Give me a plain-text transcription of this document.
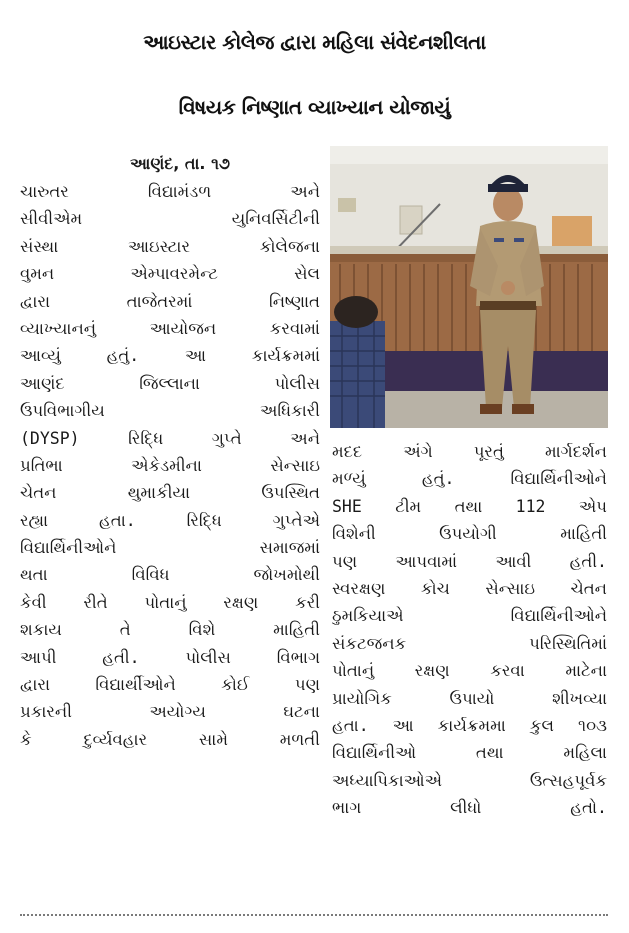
આઇસ્ટાર કોલેજ દ્વારા મહિલા સંવેદનશીલતા
વિષયક નિષ્ણાત વ્યાખ્યાન યોજાયું
આણંદ, તા. ૧૭
ચારુતર	વિદ્યામંડળ	અને
સીવીએમ	યુનિવર્સિટીની
સંસ્થા	આઇસ્ટાર	કોલેજના
વુમન	એમ્પાવરમેન્ટ	સેલ
દ્વારા	તાજેતરમાં	નિષ્ણાત
વ્યાખ્યાનનું	આયોજન	કરવામાં
આવ્યું	હતું.	આ	કાર્યક્રમમાં
આણંદ	જિલ્લાના	પોલીસ
ઉપવિભાગીય	અધિકારી
(DYSP)	રિદ્ધિ	ગુપ્તે	અને
પ્રતિભા	એકેડમીના	સેન્સાઇ
ચેતન	થુમાકીયા	ઉપસ્થિત
રહ્યા	હતા.	રિદ્ધિ	ગુપ્તેએ
વિદ્યાર્થિનીઓને	સમાજમાં
થતા	વિવિધ	જોખમોથી
કેવી રીતે પોતાનું રક્ષણ કરી
શકાય	તે	વિશે	માહિતી
આપી	હતી.	પોલીસ	વિભાગ
દ્વારા	વિદ્યાર્થીઓને	કોઈ	પણ
પ્રકારની	અયોગ્ય	ઘટના
કે	દુર્વ્યવહાર	સામે	મળતી
મદદ અંગે પૂરતું માર્ગદર્શન
મળ્યું	હતું.	વિદ્યાર્થિનીઓને
SHE ટીમ તથા 112 એપ
વિશેની	ઉપયોગી	માહિતી
પણ આપવામાં આવી હતી.
સ્વરક્ષણ કોચ સેન્સાઇ ચેતન
ઠુમકિયાએ	વિદ્યાર્થિનીઓને
સંકટજનક	પરિસ્થિતિમાં
પોતાનું રક્ષણ કરવા માટેના
પ્રાયોગિક	ઉપાયો	શીખવ્યા
હતા. આ કાર્યક્રમમા કુલ ૧૦૩
વિદ્યાર્થિનીઓ	તથા	મહિલા
અધ્યાપિકાઓએ	ઉત્સહપૂર્વક
ભાગ લીધો હતો.
